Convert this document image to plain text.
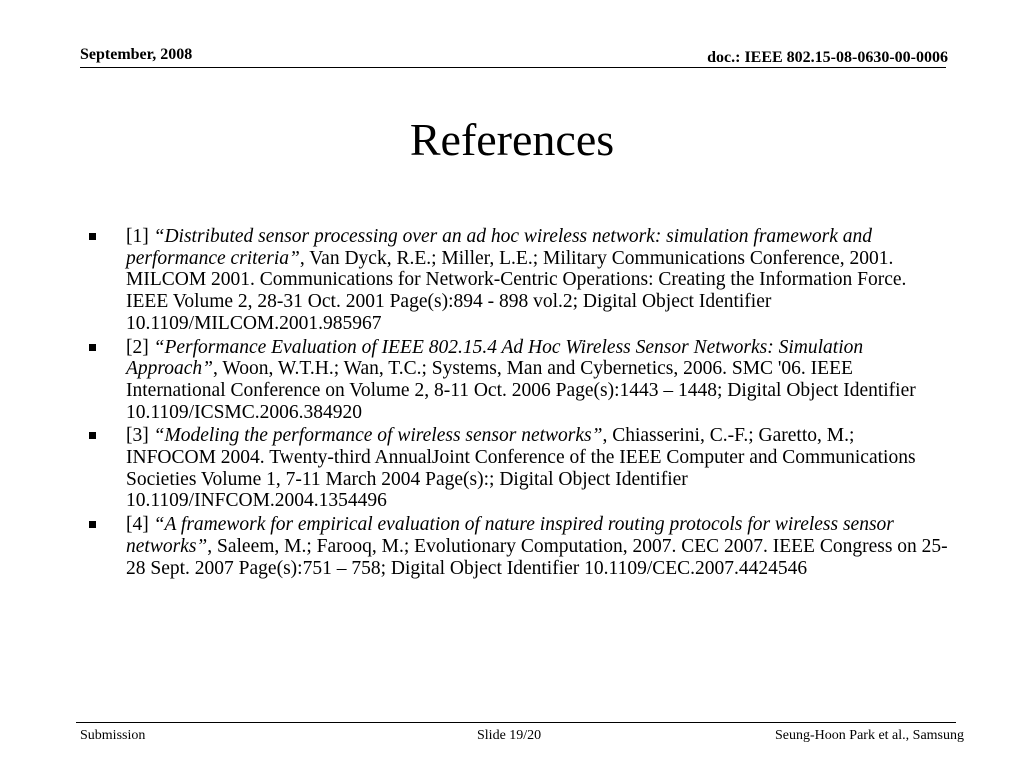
September, 2008	doc.: IEEE 802.15-08-0630-00-0006
References
[1] “Distributed sensor processing over an ad hoc wireless network: simulation framework and performance criteria”, Van Dyck, R.E.; Miller, L.E.; Military Communications Conference, 2001. MILCOM 2001. Communications for Network-Centric Operations: Creating the Information Force. IEEE Volume 2, 28-31 Oct. 2001 Page(s):894 - 898 vol.2; Digital Object Identifier 10.1109/MILCOM.2001.985967
[2] “Performance Evaluation of IEEE 802.15.4 Ad Hoc Wireless Sensor Networks: Simulation Approach”, Woon, W.T.H.; Wan, T.C.; Systems, Man and Cybernetics, 2006. SMC '06. IEEE International Conference on Volume 2, 8-11 Oct. 2006 Page(s):1443 – 1448; Digital Object Identifier 10.1109/ICSMC.2006.384920
[3] “Modeling the performance of wireless sensor networks”, Chiasserini, C.-F.; Garetto, M.; INFOCOM 2004. Twenty-third AnnualJoint Conference of the IEEE Computer and Communications Societies Volume 1, 7-11 March 2004 Page(s):; Digital Object Identifier 10.1109/INFCOM.2004.1354496
[4] “A framework for empirical evaluation of nature inspired routing protocols for wireless sensor networks”, Saleem, M.; Farooq, M.; Evolutionary Computation, 2007. CEC 2007. IEEE Congress on 25-28 Sept. 2007 Page(s):751 – 758; Digital Object Identifier 10.1109/CEC.2007.4424546
Submission	Slide 19/20	Seung-Hoon Park et al., Samsung
